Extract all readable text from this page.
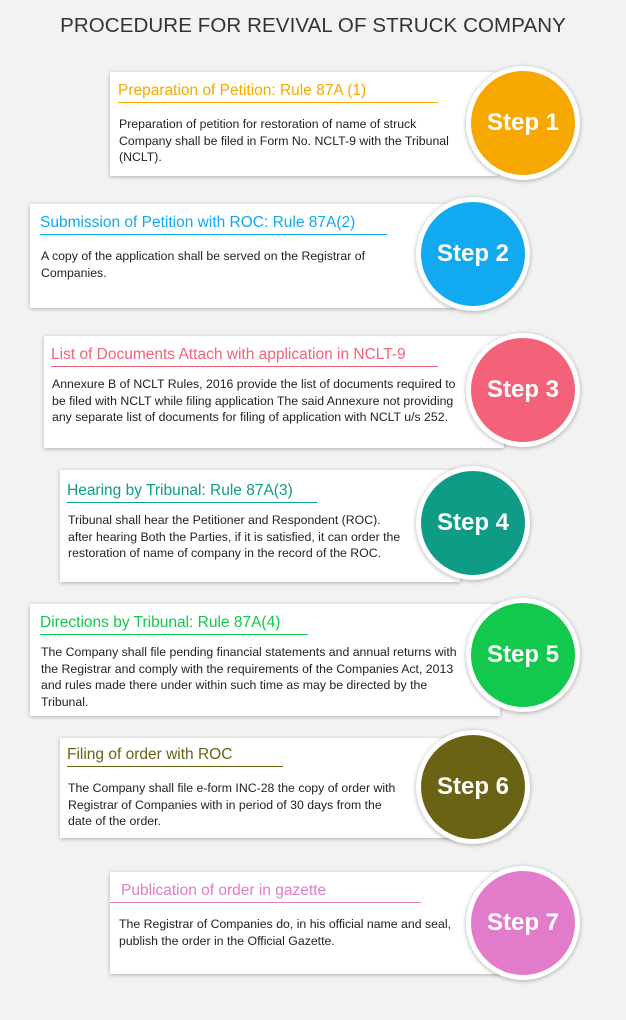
PROCEDURE FOR REVIVAL OF STRUCK COMPANY
Preparation of Petition: Rule 87A (1)
Preparation of petition for restoration of name of struck Company shall be filed in Form No. NCLT-9 with the Tribunal (NCLT).
Step 1
Submission of Petition with ROC: Rule 87A(2)
A copy of the application shall be served on the Registrar of Companies.
Step 2
List of Documents Attach with application in NCLT-9
Annexure B of NCLT Rules, 2016 provide the list of documents required to be filed with NCLT while filing application The said Annexure not providing any separate list of documents for filing of application with NCLT u/s 252.
Step 3
Hearing by Tribunal: Rule 87A(3)
Tribunal shall hear the Petitioner and Respondent (ROC). after hearing Both the Parties, if it is satisfied, it can order the restoration of name of company in the record of the ROC.
Step 4
Directions by Tribunal: Rule 87A(4)
The Company shall file pending financial statements and annual returns with the Registrar and comply with the requirements of the Companies Act, 2013 and rules made there under within such time as may be directed by the Tribunal.
Step 5
Filing of order with ROC
The Company shall file e-form INC-28 the copy of order with Registrar of Companies with in period of 30 days from the date of the order.
Step 6
Publication of order in gazette
The Registrar of Companies do, in his official name and seal, publish the order in the Official Gazette.
Step 7
